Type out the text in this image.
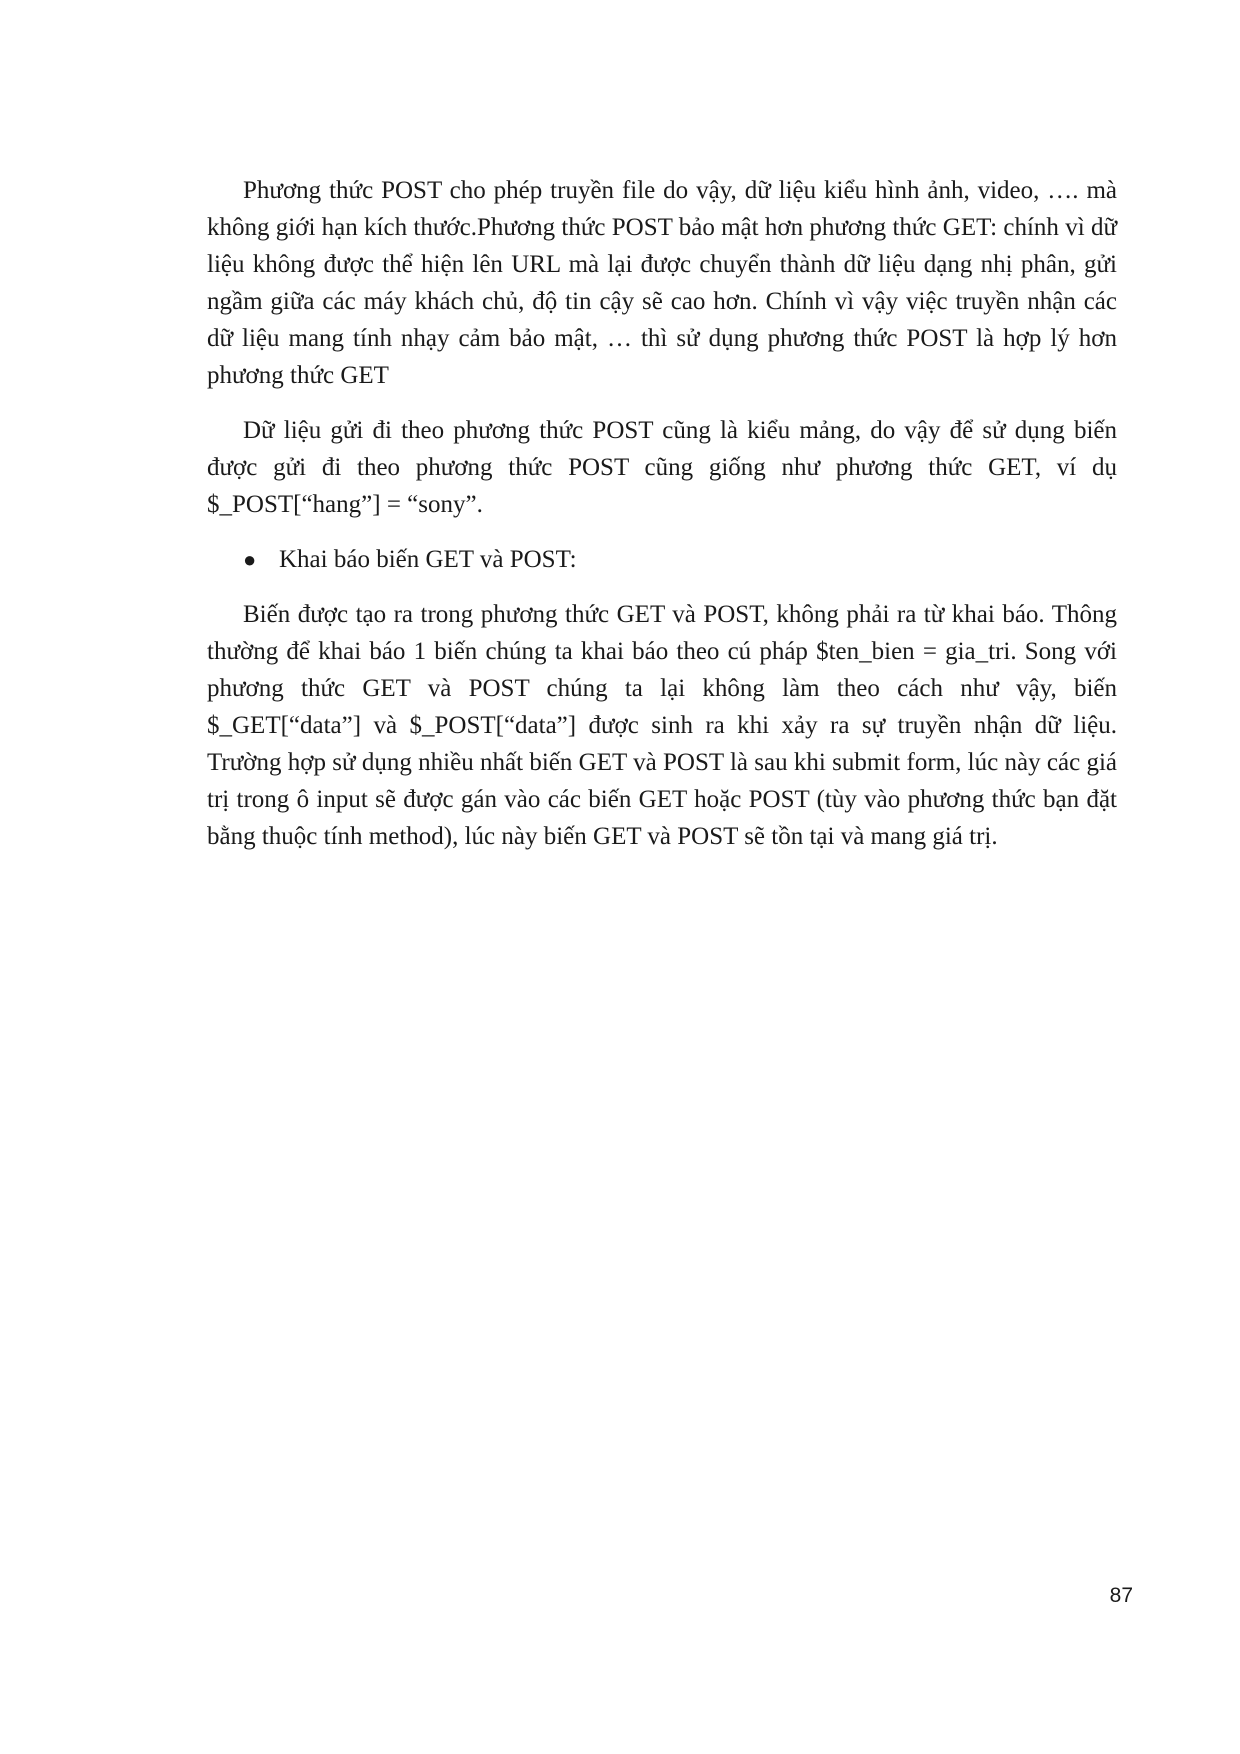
Phương thức POST cho phép truyền file do vậy, dữ liệu kiểu hình ảnh, video, …. mà không giới hạn kích thước.Phương thức POST bảo mật hơn phương thức GET: chính vì dữ liệu không được thể hiện lên URL mà lại được chuyển thành dữ liệu dạng nhị phân, gửi ngầm giữa các máy khách chủ, độ tin cậy sẽ cao hơn. Chính vì vậy việc truyền nhận các dữ liệu mang tính nhạy cảm bảo mật, … thì sử dụng phương thức POST là hợp lý hơn phương thức GET

Dữ liệu gửi đi theo phương thức POST cũng là kiểu mảng, do vậy để sử dụng biến được gửi đi theo phương thức POST cũng giống như phương thức GET, ví dụ $_POST[“hang”] = “sony”.

● Khai báo biến GET và POST:

Biến được tạo ra trong phương thức GET và POST, không phải ra từ khai báo. Thông thường để khai báo 1 biến chúng ta khai báo theo cú pháp $ten_bien = gia_tri. Song với phương thức GET và POST chúng ta lại không làm theo cách như vậy, biến $_GET[“data”] và $_POST[“data”] được sinh ra khi xảy ra sự truyền nhận dữ liệu. Trường hợp sử dụng nhiều nhất biến GET và POST là sau khi submit form, lúc này các giá trị trong ô input sẽ được gán vào các biến GET hoặc POST (tùy vào phương thức bạn đặt bằng thuộc tính method), lúc này biến GET và POST sẽ tồn tại và mang giá trị.

87
